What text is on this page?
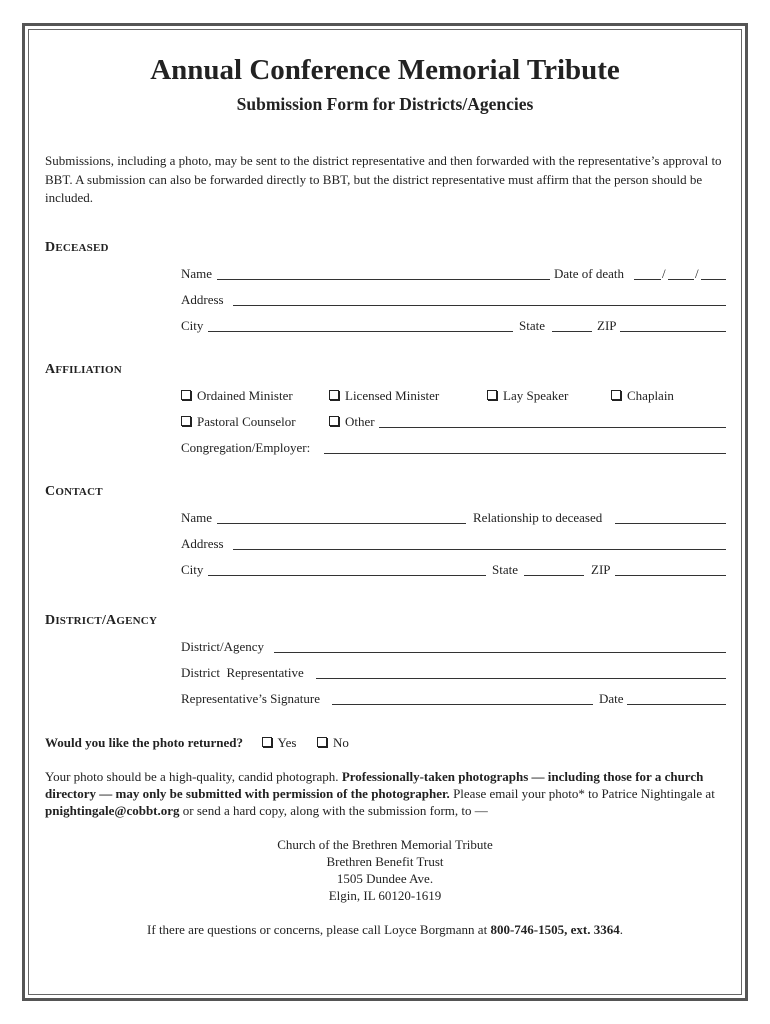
Annual Conference Memorial Tribute
Submission Form for Districts/Agencies
Submissions, including a photo, may be sent to the district representative and then forwarded with the representative’s approval to BBT. A submission can also be forwarded directly to BBT, but the district representative must affirm that the person should be included.
DECEASED
Name	Date of death	/ /
Address
City	State	ZIP
AFFILIATION
Ordained Minister	Licensed Minister	Lay Speaker	Chaplain
Pastoral Counselor	Other
Congregation/Employer:
CONTACT
Name	Relationship to deceased
Address
City	State	ZIP
DISTRICT/AGENCY
District/Agency
District  Representative
Representative’s Signature	Date
Would you like the photo returned?	Yes	No
Your photo should be a high-quality, candid photograph. Professionally-taken photographs — including those for a church directory — may only be submitted with permission of the photographer. Please email your photo* to Patrice Nightingale at pnightingale@cobbt.org or send a hard copy, along with the submission form, to —
Church of the Brethren Memorial Tribute
Brethren Benefit Trust
1505 Dundee Ave.
Elgin, IL 60120-1619
If there are questions or concerns, please call Loyce Borgmann at 800-746-1505, ext. 3364.
